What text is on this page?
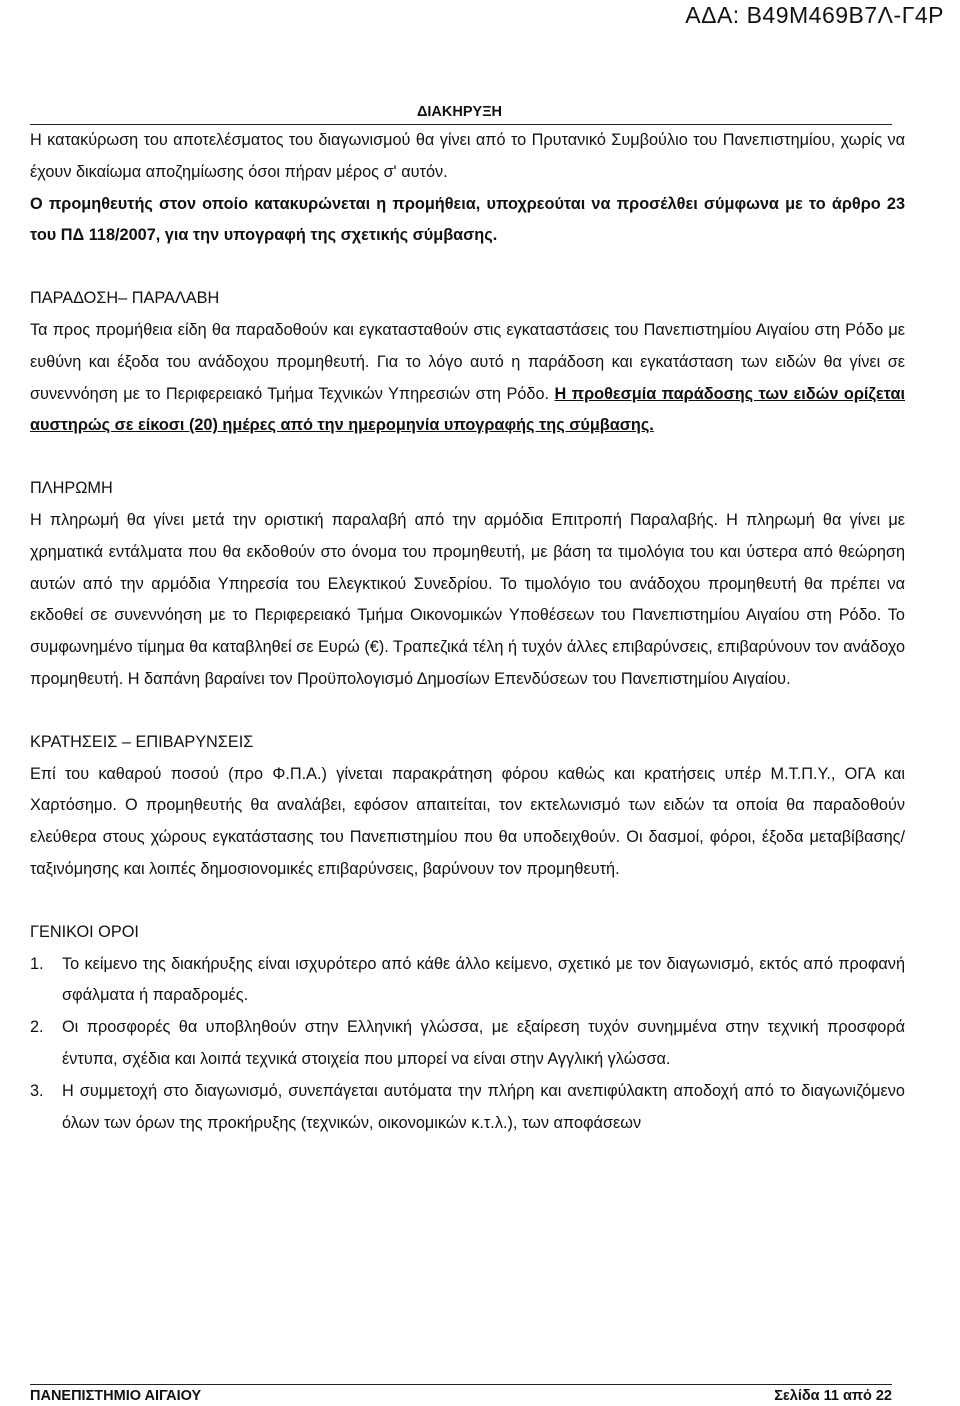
ΑΔΑ: Β49Μ469Β7Λ-Γ4Ρ
ΔΙΑΚΗΡΥΞΗ

Η κατακύρωση του αποτελέσματος του διαγωνισμού θα γίνει από το Πρυτανικό Συμβούλιο του Πανεπιστημίου, χωρίς να έχουν δικαίωμα αποζημίωσης όσοι πήραν μέρος σ' αυτόν.

Ο προμηθευτής στον οποίο κατακυρώνεται η προμήθεια, υποχρεούται να προσέλθει σύμφωνα με το άρθρο 23 του ΠΔ 118/2007, για την υπογραφή της σχετικής σύμβασης.

ΠΑΡΑΔΟΣΗ– ΠΑΡΑΛΑΒΗ

Τα προς προμήθεια είδη θα παραδοθούν και εγκατασταθούν στις εγκαταστάσεις του Πανεπιστημίου Αιγαίου στη Ρόδο με ευθύνη και έξοδα του ανάδοχου προμηθευτή. Για το λόγο αυτό η παράδοση και εγκατάσταση των ειδών θα γίνει σε συνεννόηση με το Περιφερειακό Τμήμα Τεχνικών Υπηρεσιών στη Ρόδο. Η προθεσμία παράδοσης των ειδών ορίζεται αυστηρώς σε είκοσι (20) ημέρες από την ημερομηνία υπογραφής της σύμβασης.

ΠΛΗΡΩΜΗ

Η πληρωμή θα γίνει μετά την οριστική παραλαβή από την αρμόδια Επιτροπή Παραλαβής. Η πληρωμή θα γίνει με χρηματικά εντάλματα που θα εκδοθούν στο όνομα του προμηθευτή, με βάση τα τιμολόγια του και ύστερα από θεώρηση αυτών από την αρμόδια Υπηρεσία του Ελεγκτικού Συνεδρίου. Το τιμολόγιο του ανάδοχου προμηθευτή θα πρέπει να εκδοθεί σε συνεννόηση με το Περιφερειακό Τμήμα Οικονομικών Υποθέσεων του Πανεπιστημίου Αιγαίου στη Ρόδο. Το συμφωνημένο τίμημα θα καταβληθεί σε Ευρώ (€). Τραπεζικά τέλη ή τυχόν άλλες επιβαρύνσεις, επιβαρύνουν τον ανάδοχο προμηθευτή. Η δαπάνη βαραίνει τον Προϋπολογισμό Δημοσίων Επενδύσεων του Πανεπιστημίου Αιγαίου.

ΚΡΑΤΗΣΕΙΣ – ΕΠΙΒΑΡΥΝΣΕΙΣ

Επί του καθαρού ποσού (προ Φ.Π.Α.) γίνεται παρακράτηση φόρου καθώς και κρατήσεις υπέρ Μ.Τ.Π.Υ., ΟΓΑ και Χαρτόσημο. Ο προμηθευτής θα αναλάβει, εφόσον απαιτείται, τον εκτελωνισμό των ειδών τα οποία θα παραδοθούν ελεύθερα στους χώρους εγκατάστασης του Πανεπιστημίου που θα υποδειχθούν. Οι δασμοί, φόροι, έξοδα μεταβίβασης/ταξινόμησης και λοιπές δημοσιονομικές επιβαρύνσεις, βαρύνουν τον προμηθευτή.

ΓΕΝΙΚΟΙ ΟΡΟΙ

1. Το κείμενο της διακήρυξης είναι ισχυρότερο από κάθε άλλο κείμενο, σχετικό με τον διαγωνισμό, εκτός από προφανή σφάλματα ή παραδρομές.
2. Οι προσφορές θα υποβληθούν στην Ελληνική γλώσσα, με εξαίρεση τυχόν συνημμένα στην τεχνική προσφορά έντυπα, σχέδια και λοιπά τεχνικά στοιχεία που μπορεί να είναι στην Αγγλική γλώσσα.
3. Η συμμετοχή στο διαγωνισμό, συνεπάγεται αυτόματα την πλήρη και ανεπιφύλακτη αποδοχή από το διαγωνιζόμενο όλων των όρων της προκήρυξης (τεχνικών, οικονομικών κ.τ.λ.), των αποφάσεων
ΠΑΝΕΠΙΣΤΗΜΙΟ ΑΙΓΑΙΟΥ	Σελίδα 11 από 22
